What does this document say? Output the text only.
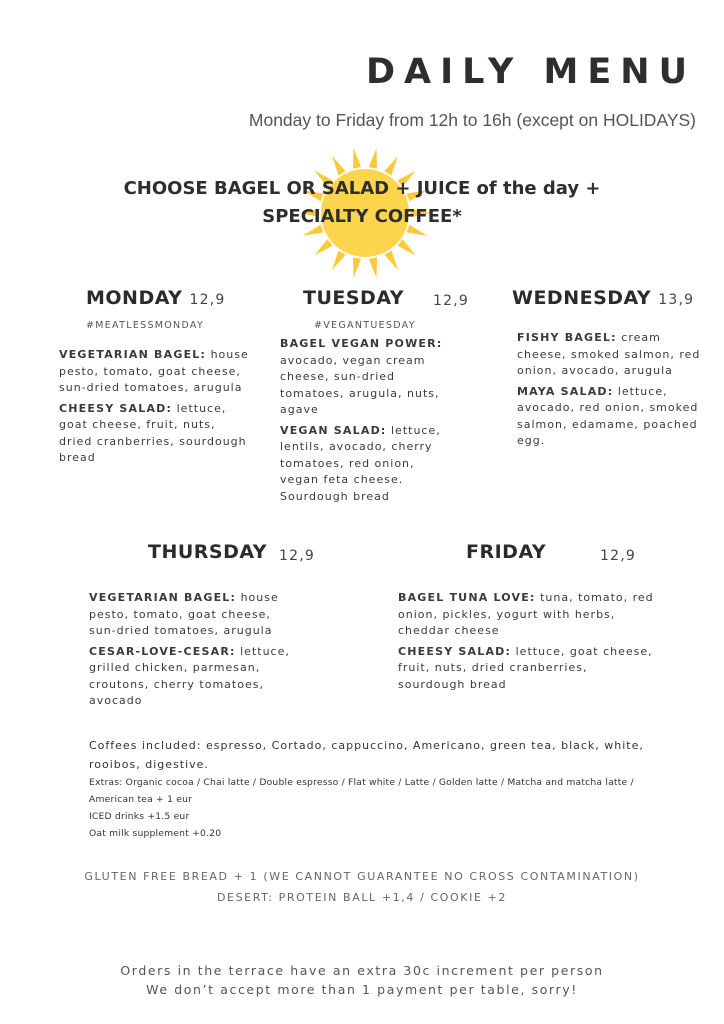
DAILY MENU
Monday to Friday from 12h to 16h (except on HOLIDAYS)
CHOOSE BAGEL OR SALAD + JUICE of the day +
SPECIALTY COFFEE*
MONDAY 12,9
#MEATLESSMONDAY

VEGETARIAN BAGEL: house pesto, tomato, goat cheese, sun-dried tomatoes, arugula

CHEESY SALAD: lettuce, goat cheese, fruit, nuts, dried cranberries, sourdough bread

TUESDAY 12,9
#VEGANTUESDAY

BAGEL VEGAN POWER: avocado, vegan cream cheese, sun-dried tomatoes, arugula, nuts, agave

VEGAN SALAD: lettuce, lentils, avocado, cherry tomatoes, red onion, vegan feta cheese. Sourdough bread

WEDNESDAY 13,9

FISHY BAGEL: cream cheese, smoked salmon, red onion, avocado, arugula

MAYA SALAD: lettuce, avocado, red onion, smoked salmon, edamame, poached egg.

THURSDAY 12,9

VEGETARIAN BAGEL: house pesto, tomato, goat cheese, sun-dried tomatoes, arugula

CESAR-LOVE-CESAR: lettuce, grilled chicken, parmesan, croutons, cherry tomatoes, avocado

FRIDAY	12,9

BAGEL TUNA LOVE: tuna, tomato, red onion, pickles, yogurt with herbs, cheddar cheese

CHEESY SALAD: lettuce, goat cheese, fruit, nuts, dried cranberries, sourdough bread

Coffees included: espresso, Cortado, cappuccino, Americano, green tea, black, white, rooibos, digestive.
Extras: Organic cocoa / Chai latte / Double espresso / Flat white / Latte / Golden latte / Matcha and matcha latte / American tea + 1 eur
ICED drinks +1.5 eur
Oat milk supplement +0.20
GLUTEN FREE BREAD + 1 (WE CANNOT GUARANTEE NO CROSS CONTAMINATION)
DESERT: PROTEIN BALL +1,4 / COOKIE +2
Orders in the terrace have an extra 30c increment per person
We don’t accept more than 1 payment per table, sorry!
